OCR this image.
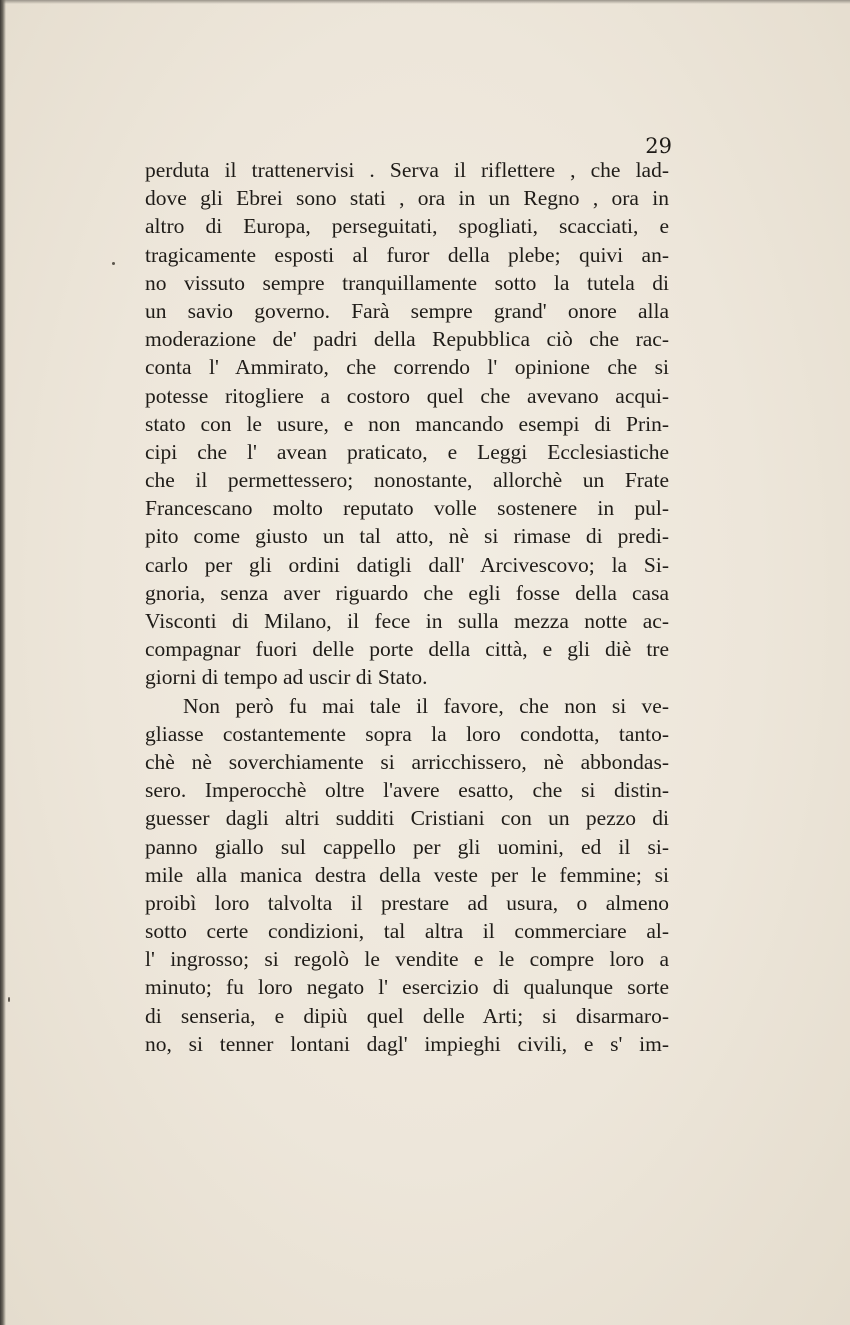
29
perduta il trattenervisi . Serva il riflettere , che lad-
dove gli Ebrei sono stati , ora in un Regno , ora in
altro di Europa, perseguitati, spogliati, scacciati, e
tragicamente esposti al furor della plebe; quivi an-
no vissuto sempre tranquillamente sotto la tutela di
un savio governo. Farà sempre grand' onore alla
moderazione de' padri della Repubblica ciò che rac-
conta l' Ammirato, che correndo l' opinione che si
potesse ritogliere a costoro quel che avevano acqui-
stato con le usure, e non mancando esempi di Prin-
cipi che l' avean praticato, e Leggi Ecclesiastiche
che il permettessero; nonostante, allorchè un Frate
Francescano molto reputato volle sostenere in pul-
pito come giusto un tal atto, nè si rimase di predi-
carlo per gli ordini datigli dall' Arcivescovo; la Si-
gnoria, senza aver riguardo che egli fosse della casa
Visconti di Milano, il fece in sulla mezza notte ac-
compagnar fuori delle porte della città, e gli diè tre
giorni di tempo ad uscir di Stato.
Non però fu mai tale il favore, che non si ve-
gliasse costantemente sopra la loro condotta, tanto-
chè nè soverchiamente si arricchissero, nè abbondas-
sero. Imperocchè oltre l'avere esatto, che si distin-
guesser dagli altri sudditi Cristiani con un pezzo di
panno giallo sul cappello per gli uomini, ed il si-
mile alla manica destra della veste per le femmine; si
proibì loro talvolta il prestare ad usura, o almeno
sotto certe condizioni, tal altra il commerciare al-
l' ingrosso; si regolò le vendite e le compre loro a
minuto; fu loro negato l' esercizio di qualunque sorte
di senseria, e dipiù quel delle Arti; si disarmaro-
no, si tenner lontani dagl' impieghi civili, e s' im-
